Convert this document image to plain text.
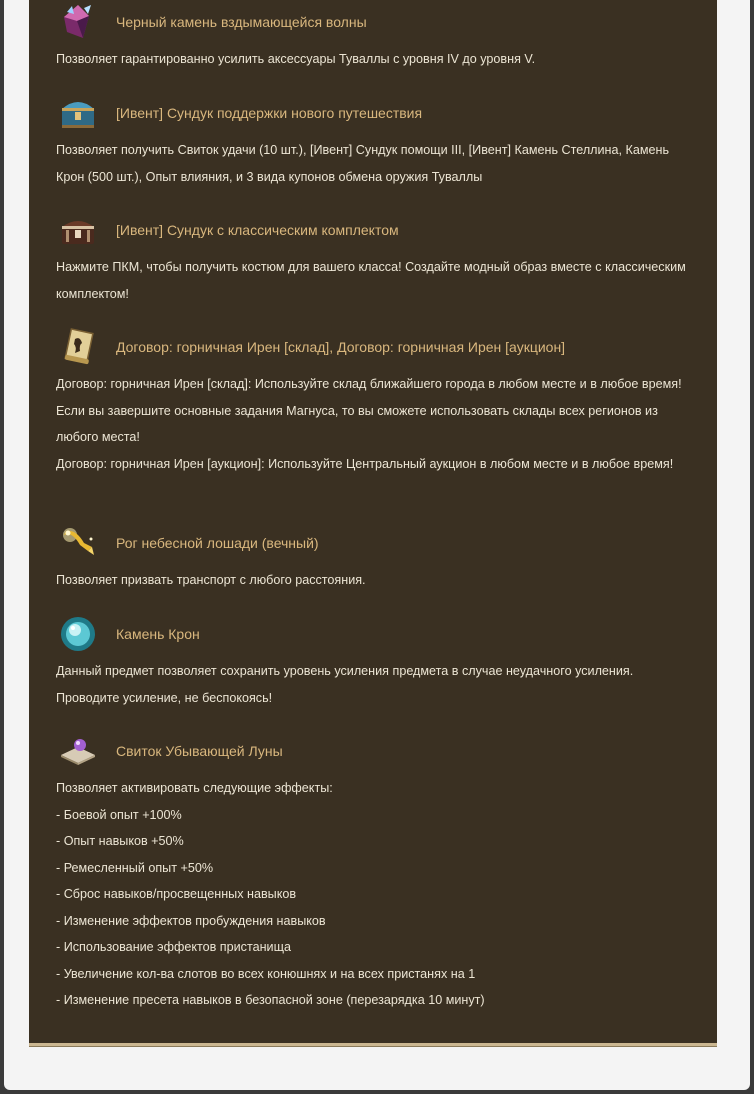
Черный камень вздымающейся волны

Позволяет гарантированно усилить аксессуары Туваллы с уровня IV до уровня V.

[Ивент] Сундук поддержки нового путешествия

Позволяет получить Свиток удачи (10 шт.), [Ивент] Сундук помощи III, [Ивент] Камень Стеллина, Камень Крон (500 шт.), Опыт влияния, и 3 вида купонов обмена оружия Туваллы

[Ивент] Сундук с классическим комплектом

Нажмите ПКМ, чтобы получить костюм для вашего класса! Создайте модный образ вместе с классическим комплектом!

Договор: горничная Ирен [склад], Договор: горничная Ирен [аукцион]

Договор: горничная Ирен [склад]: Используйте склад ближайшего города в любом месте и в любое время! Если вы завершите основные задания Магнуса, то вы сможете использовать склады всех регионов из любого места!

Договор: горничная Ирен [аукцион]: Используйте Центральный аукцион в любом месте и в любое время!

Рог небесной лошади (вечный)

Позволяет призвать транспорт с любого расстояния.

Камень Крон

Данный предмет позволяет сохранить уровень усиления предмета в случае неудачного усиления. Проводите усиление, не беспокоясь!

Свиток Убывающей Луны

Позволяет активировать следующие эффекты:

- Боевой опыт +100%

- Опыт навыков +50%

- Ремесленный опыт +50%

- Сброс навыков/просвещенных навыков

- Изменение эффектов пробуждения навыков

- Использование эффектов пристанища

- Увеличение кол-ва слотов во всех конюшнях и на всех пристанях на 1

- Изменение пресета навыков в безопасной зоне (перезарядка 10 минут)
